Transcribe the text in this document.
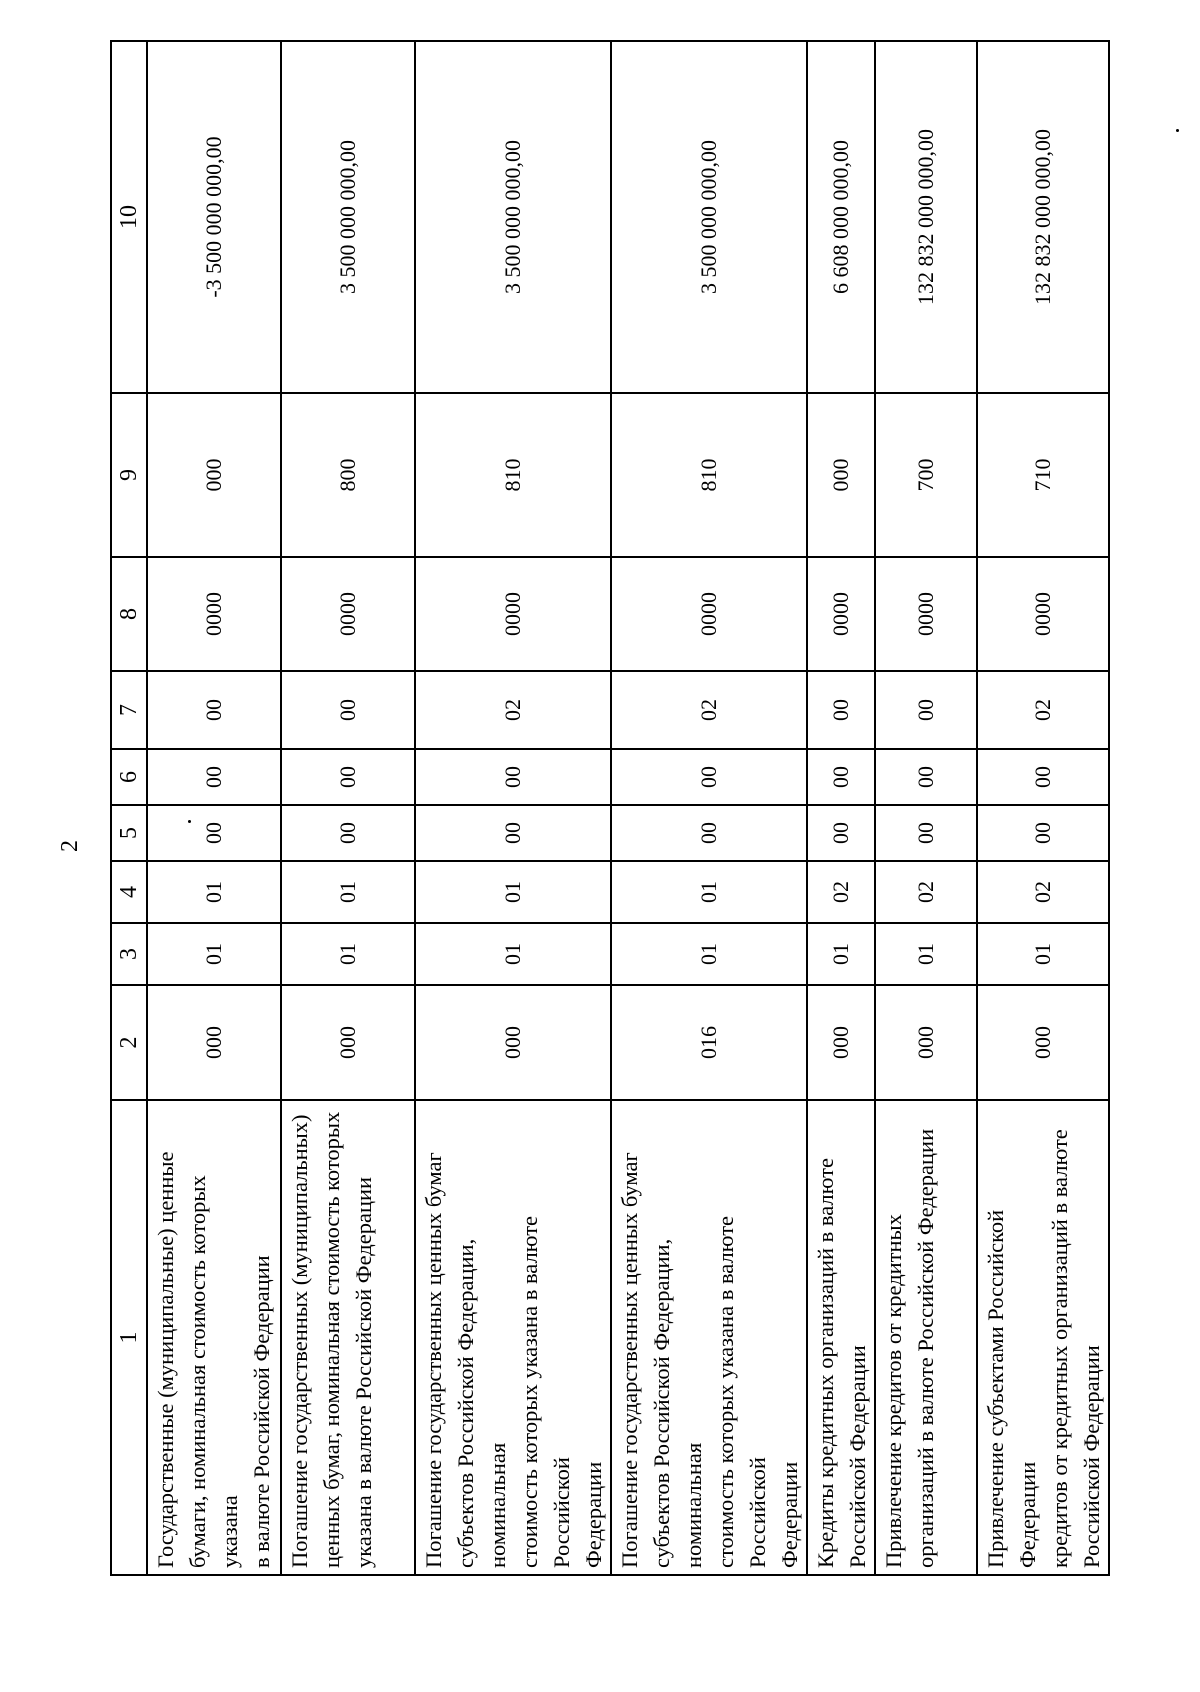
2
1	2	3	4	5	6	7	8	9	10
Государственные (муниципальные) ценные
бумаги, номинальная стоимость которых указана
в валюте Российской Федерации	000	01	01	00	00	00	0000	000	-3 500 000 000,00
Погашение государственных (муниципальных)
ценных бумаг, номинальная стоимость которых
указана в валюте Российской Федерации	000	01	01	00	00	00	0000	800	3 500 000 000,00
Погашение государственных ценных бумаг
субъектов Российской Федерации, номинальная
стоимость которых указана в валюте Российской
Федерации	000	01	01	00	00	02	0000	810	3 500 000 000,00
Погашение государственных ценных бумаг
субъектов Российской Федерации, номинальная
стоимость которых указана в валюте Российской
Федерации	016	01	01	00	00	02	0000	810	3 500 000 000,00
Кредиты кредитных организаций в валюте
Российской Федерации	000	01	02	00	00	00	0000	000	6 608 000 000,00
Привлечение кредитов от кредитных
организаций в валюте Российской Федерации	000	01	02	00	00	00	0000	700	132 832 000 000,00
Привлечение субъектами Российской Федерации
кредитов от кредитных организаций в валюте
Российской Федерации	000	01	02	00	00	02	0000	710	132 832 000 000,00
